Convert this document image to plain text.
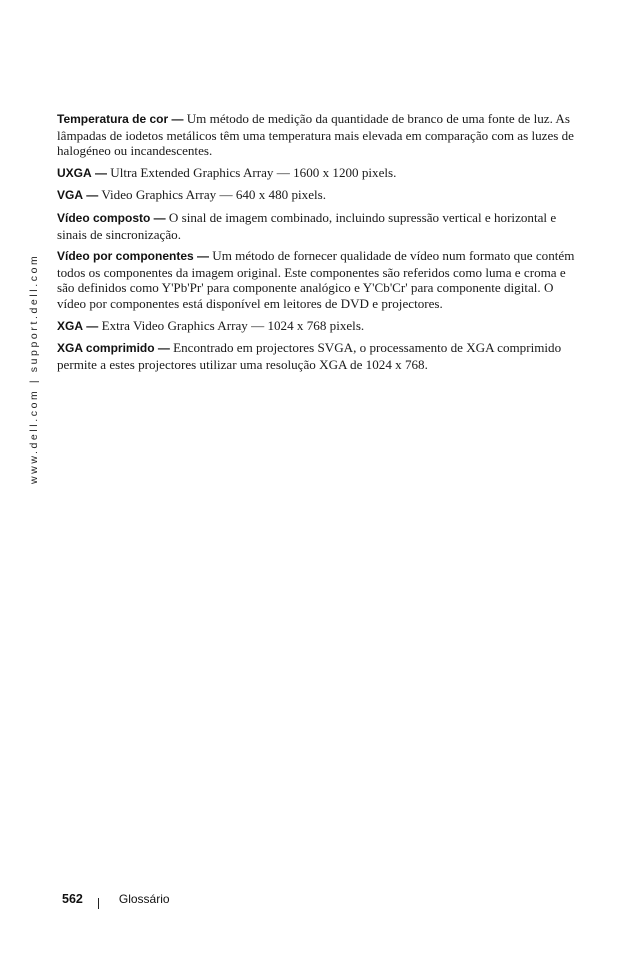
www.dell.com | support.dell.com

Temperatura de cor — Um método de medição da quantidade de branco de uma fonte de luz. As lâmpadas de iodetos metálicos têm uma temperatura mais elevada em comparação com as luzes de halogéneo ou incandescentes.

UXGA — Ultra Extended Graphics Array — 1600 x 1200 pixels.

VGA — Video Graphics Array — 640 x 480 pixels.

Vídeo composto — O sinal de imagem combinado, incluindo supressão vertical e horizontal e sinais de sincronização.

Vídeo por componentes — Um método de fornecer qualidade de vídeo num formato que contém todos os componentes da imagem original. Este componentes são referidos como luma e croma e são definidos como Y'Pb'Pr' para componente analógico e Y'Cb'Cr' para componente digital. O vídeo por componentes está disponível em leitores de DVD e projectores.

XGA — Extra Video Graphics Array — 1024 x 768 pixels.

XGA comprimido — Encontrado em projectores SVGA, o processamento de XGA comprimido permite a estes projectores utilizar uma resolução XGA de 1024 x 768.

562	Glossário
